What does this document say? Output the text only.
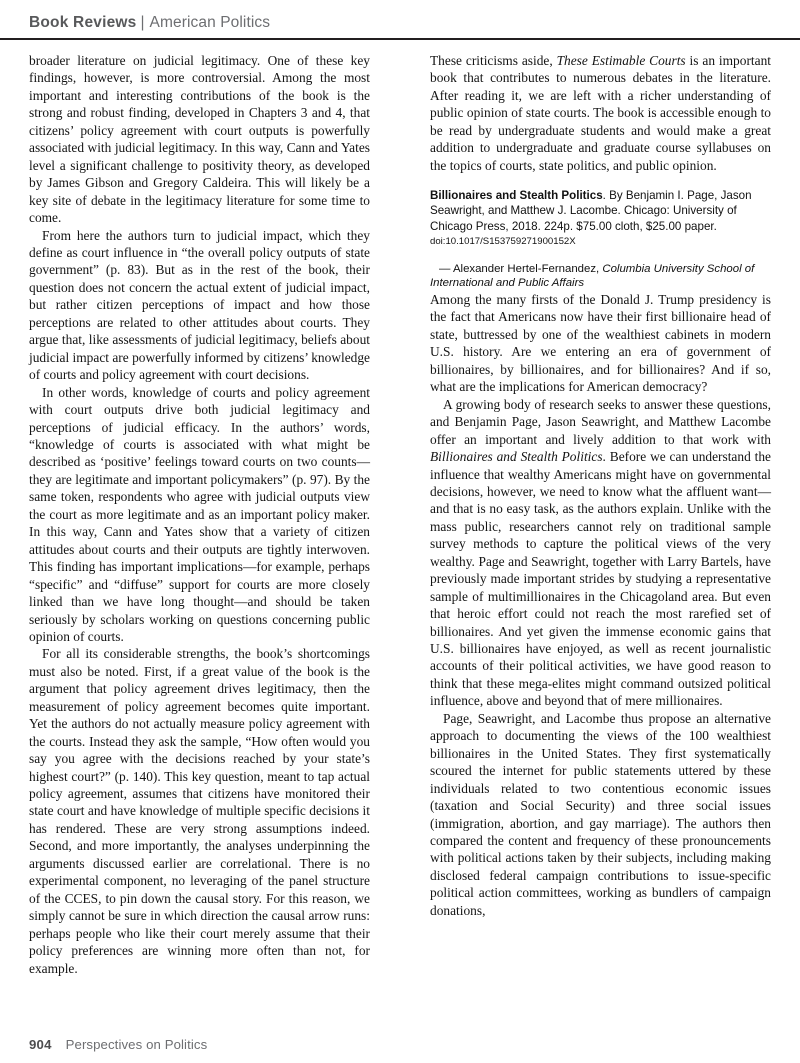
Book Reviews | American Politics

broader literature on judicial legitimacy. One of these key findings, however, is more controversial. Among the most important and interesting contributions of the book is the strong and robust finding, developed in Chapters 3 and 4, that citizens’ policy agreement with court outputs is powerfully associated with judicial legitimacy. In this way, Cann and Yates level a significant challenge to positivity theory, as developed by James Gibson and Gregory Caldeira. This will likely be a key site of debate in the legitimacy literature for some time to come.

From here the authors turn to judicial impact, which they define as court influence in “the overall policy outputs of state government” (p. 83). But as in the rest of the book, their question does not concern the actual extent of judicial impact, but rather citizen perceptions of impact and how those perceptions are related to other attitudes about courts. They argue that, like assessments of judicial legitimacy, beliefs about judicial impact are powerfully informed by citizens’ knowledge of courts and policy agreement with court decisions.

In other words, knowledge of courts and policy agreement with court outputs drive both judicial legitimacy and perceptions of judicial efficacy. In the authors’ words, “knowledge of courts is associated with what might be described as ‘positive’ feelings toward courts on two counts—they are legitimate and important policymakers” (p. 97). By the same token, respondents who agree with judicial outputs view the court as more legitimate and as an important policy maker. In this way, Cann and Yates show that a variety of citizen attitudes about courts and their outputs are tightly interwoven. This finding has important implications—for example, perhaps “specific” and “diffuse” support for courts are more closely linked than we have long thought—and should be taken seriously by scholars working on questions concerning public opinion of courts.

For all its considerable strengths, the book’s shortcomings must also be noted. First, if a great value of the book is the argument that policy agreement drives legitimacy, then the measurement of policy agreement becomes quite important. Yet the authors do not actually measure policy agreement with the courts. Instead they ask the sample, “How often would you say you agree with the decisions reached by your state’s highest court?” (p. 140). This key question, meant to tap actual policy agreement, assumes that citizens have monitored their state court and have knowledge of multiple specific decisions it has rendered. These are very strong assumptions indeed. Second, and more importantly, the analyses underpinning the arguments discussed earlier are correlational. There is no experimental component, no leveraging of the panel structure of the CCES, to pin down the causal story. For this reason, we simply cannot be sure in which direction the causal arrow runs: perhaps people who like their court merely assume that their policy preferences are winning more often than not, for example.

These criticisms aside, These Estimable Courts is an important book that contributes to numerous debates in the literature. After reading it, we are left with a richer understanding of public opinion of state courts. The book is accessible enough to be read by undergraduate students and would make a great addition to undergraduate and graduate course syllabuses on the topics of courts, state politics, and public opinion.

Billionaires and Stealth Politics. By Benjamin I. Page, Jason Seawright, and Matthew J. Lacombe. Chicago: University of Chicago Press, 2018. 224p. $75.00 cloth, $25.00 paper.

doi:10.1017/S153759271900152X

— Alexander Hertel-Fernandez, Columbia University School of International and Public Affairs

Among the many firsts of the Donald J. Trump presidency is the fact that Americans now have their first billionaire head of state, buttressed by one of the wealthiest cabinets in modern U.S. history. Are we entering an era of government of billionaires, by billionaires, and for billionaires? And if so, what are the implications for American democracy?

A growing body of research seeks to answer these questions, and Benjamin Page, Jason Seawright, and Matthew Lacombe offer an important and lively addition to that work with Billionaires and Stealth Politics. Before we can understand the influence that wealthy Americans might have on governmental decisions, however, we need to know what the affluent want—and that is no easy task, as the authors explain. Unlike with the mass public, researchers cannot rely on traditional sample survey methods to capture the political views of the very wealthy. Page and Seawright, together with Larry Bartels, have previously made important strides by studying a representative sample of multimillionaires in the Chicagoland area. But even that heroic effort could not reach the most rarefied set of billionaires. And yet given the immense economic gains that U.S. billionaires have enjoyed, as well as recent journalistic accounts of their political activities, we have good reason to think that these mega-elites might command outsized political influence, above and beyond that of mere millionaires.

Page, Seawright, and Lacombe thus propose an alternative approach to documenting the views of the 100 wealthiest billionaires in the United States. They first systematically scoured the internet for public statements uttered by these individuals related to two contentious economic issues (taxation and Social Security) and three social issues (immigration, abortion, and gay marriage). The authors then compared the content and frequency of these pronouncements with political actions taken by their subjects, including making disclosed federal campaign contributions to issue-specific political action committees, working as bundlers of campaign donations,

904 Perspectives on Politics
